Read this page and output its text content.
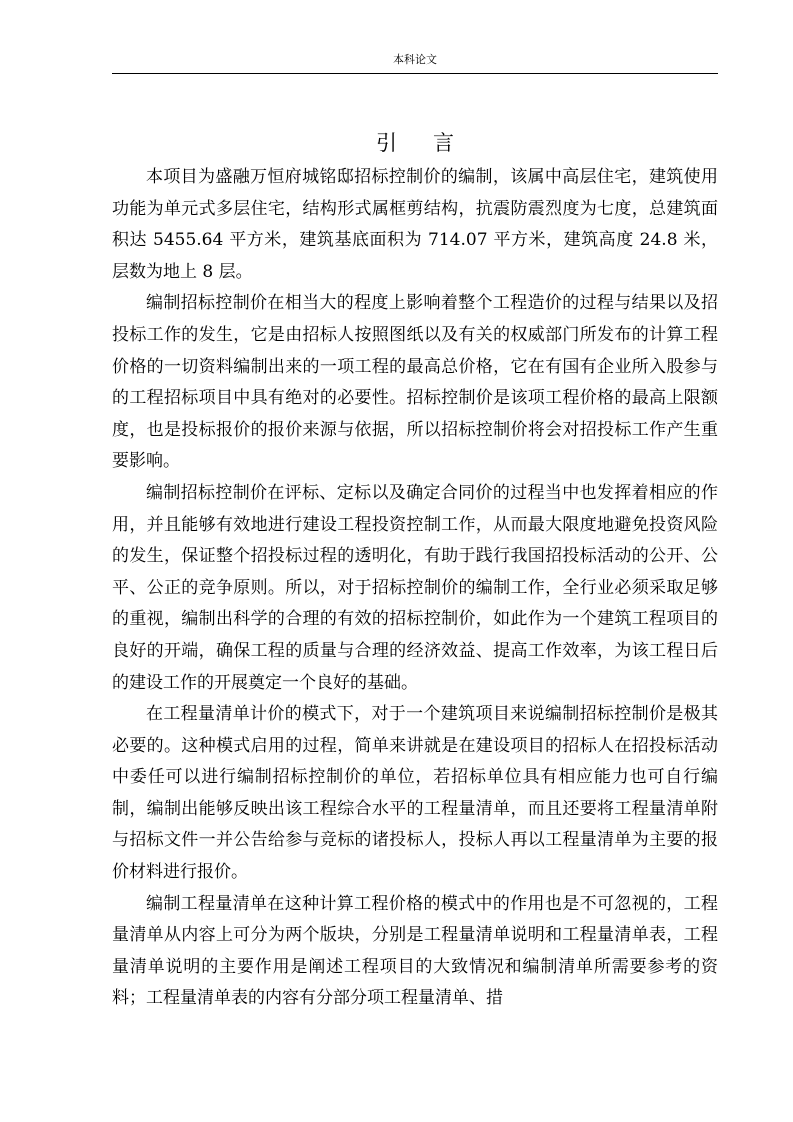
本科论文
引言

本项目为盛融万恒府城铭邸招标控制价的编制，该属中高层住宅，建筑使用功能为单元式多层住宅，结构形式属框剪结构，抗震防震烈度为七度，总建筑面积达 5455.64 平方米，建筑基底面积为 714.07 平方米，建筑高度 24.8 米，层数为地上 8 层。

编制招标控制价在相当大的程度上影响着整个工程造价的过程与结果以及招投标工作的发生，它是由招标人按照图纸以及有关的权威部门所发布的计算工程价格的一切资料编制出来的一项工程的最高总价格，它在有国有企业所入股参与的工程招标项目中具有绝对的必要性。招标控制价是该项工程价格的最高上限额度，也是投标报价的报价来源与依据，所以招标控制价将会对招投标工作产生重要影响。

编制招标控制价在评标、定标以及确定合同价的过程当中也发挥着相应的作用，并且能够有效地进行建设工程投资控制工作，从而最大限度地避免投资风险的发生，保证整个招投标过程的透明化，有助于践行我国招投标活动的公开、公平、公正的竞争原则。所以，对于招标控制价的编制工作，全行业必须采取足够的重视，编制出科学的合理的有效的招标控制价，如此作为一个建筑工程项目的良好的开端，确保工程的质量与合理的经济效益、提高工作效率，为该工程日后的建设工作的开展奠定一个良好的基础。

在工程量清单计价的模式下，对于一个建筑项目来说编制招标控制价是极其必要的。这种模式启用的过程，简单来讲就是在建设项目的招标人在招投标活动中委任可以进行编制招标控制价的单位，若招标单位具有相应能力也可自行编制，编制出能够反映出该工程综合水平的工程量清单，而且还要将工程量清单附与招标文件一并公告给参与竞标的诸投标人，投标人再以工程量清单为主要的报价材料进行报价。

编制工程量清单在这种计算工程价格的模式中的作用也是不可忽视的，工程量清单从内容上可分为两个版块，分别是工程量清单说明和工程量清单表，工程量清单说明的主要作用是阐述工程项目的大致情况和编制清单所需要参考的资料；工程量清单表的内容有分部分项工程量清单、措
